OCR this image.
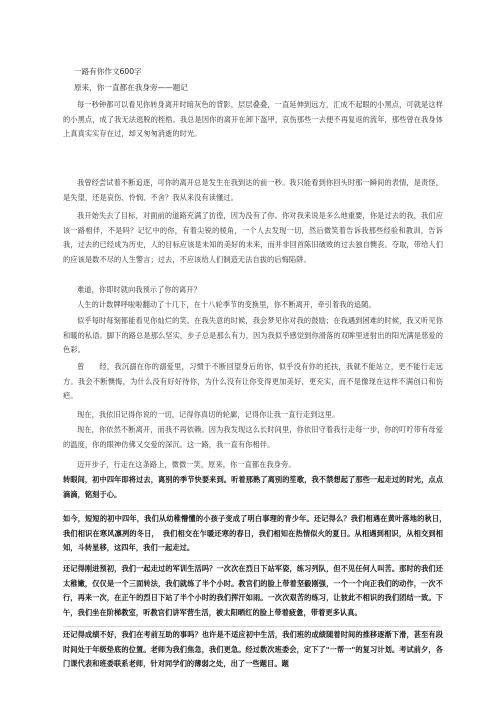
一路有你作文600字
原来，你一直都在我身旁——题记
每一秒钟都可以看见你转身离开时暗灰色的背影，层层叠叠，一直延伸到远方，汇成不起眼的小黑点，可就是这样的小黑点，成了我无法逃脱的桎梏。我总是因你的离开在卸下盔甲，哀伤那些一去便不再复返的流年，那些曾在我身体上真真实实存在过，却又匆匆消逝的时光。
我曾经尝试着不断追逐，可你的离开总是发生在我到达的前一秒。我只能看到你回头时那一瞬间的表情，是责怪，是失望，还是哀伤、怜悯、不舍？我从来没有读懂过。
我开始失去了目标，对面前的道路充满了彷徨，因为没有了你。你对我来说是多么地重要，你是过去的我，我们应该一路相伴，不是吗？记忆中的你，有着尖锐的棱角，一个人去发现一切，然后微笑着告诉我那些经验和教训，告诉我，过去的已经成为历史，人的目标应该是未知的美好的未来，而并非回首陈旧破败的过去独自懊丧。夺取，带给人们的应该是数不尽的人生警言；过去，不应该给人们制造无法自拔的后悔陷阱。
难道，你即时就向我预示了你的离开？
人生的计数牌呼啦啦翻动了十几下，在十八轮季节的变换里，你不断离开，牵引着我的追随。
似乎每时每刻都能看见你灿烂的笑。在我失意的时候，我会梦见你对我的鼓励；在我遇到困难的时候，我又听见你和暖的私语。脚下的路总是那么坚实，步子总是那么有力，因为我似乎感觉到你滑落的双眸里迸射出的阳光满是慈爱的色彩。
曾　　经，我沉溺在你的溺爱里，习惯于不断回望身后的你，似乎没有你的托扶，我就不能站立，更不能行走远方。我会不断懊悔，为什么没有好好待你，为什么没有让你变得更加美好，更充实，而不是像现在这样不满创口和伤疤。
现在，我依旧记得你说的一切，记得你真切的轮廓，记得你让我一直行走到这里。
现在，你依然不断离开，而我不再依赖。因为我发现这么长时间里，你依旧守着我行走每一步，你的叮咛带有母爱的温度，你的眼神仿佛又交爱的深沉。这一路，我一直有你相伴。
迈开步子，行走在这条路上，微微一笑，原来，你一直都在我身旁。
转眼间，初中四年即将过去，离别的季节快要来到。听着那熟了离别的笙歌，我不禁想起了那些一起走过的时光，点点滴滴，铭刻于心。
如今，短短的初中四年，我们从幼稚懵懂的小孩子变成了明白事理的青少年。还记得么？我们相遇在黄叶落地的秋日，　我们相识在寒风凛冽的冬日，　我们相交在乍暖还寒的春日，我们相知在热情似火的夏日。从相遇到相识，从相交到相知，斗转星移，这四年，我们一起走过。
还记得刚进预初，我们一起走过的军训生活吗？一次次在烈日下站军姿，练习列队，但不见任何人叫苦。那时的我们还太稚嫩，仅仅是一个三面转法，我们就练了半个小时。教官们的脸上带着坚毅刚强，一个一个向正我们的动作，一次不行，再来一次，在正午的烈日下站了半个小时的我们挥汗如雨。一次次艰苦的练习，让彼此不相识的我们团结一致。下午，我们坐在阶梯教室，听教官们讲军营生活，被太阳晒红的脸上带着疲惫，带着更多认真。
还记得成绩不好，我们在考前互助的事吗？也许是不适应初中生活，我们班的成绩随着时间的推移逐渐下滑，甚至有段时间处于年级垫底的位置。老师为我们焦急，我们更急。经过数次班委会，定下了"一帮一"的复习计划。考试前夕，各门课代表和班委联系老师，针对同学们的薄弱之处，出了一些题目。题
